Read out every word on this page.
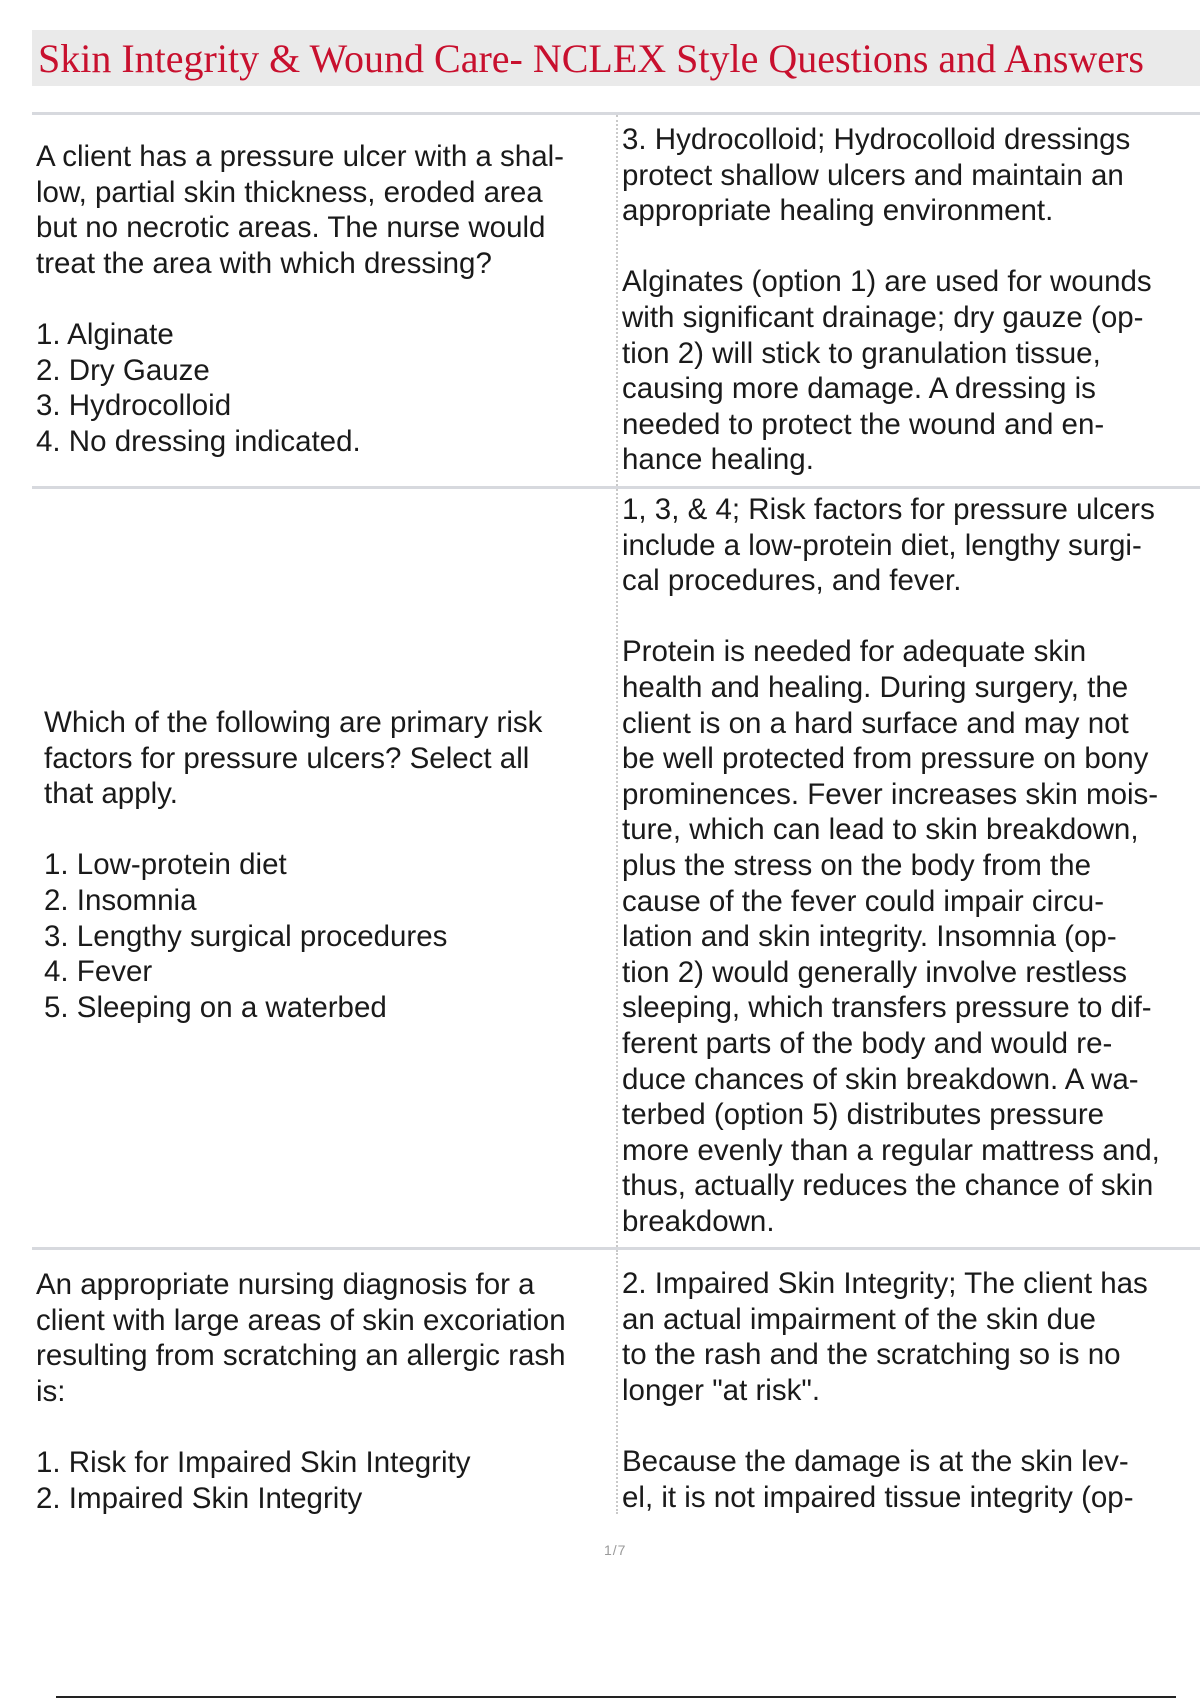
Skin Integrity & Wound Care- NCLEX Style Questions and Answers
A client has a pressure ulcer with a shal-
low, partial skin thickness, eroded area
but no necrotic areas. The nurse would
treat the area with which dressing?
1. Alginate
2. Dry Gauze
3. Hydrocolloid
4. No dressing indicated.
3. Hydrocolloid; Hydrocolloid dressings
protect shallow ulcers and maintain an
appropriate healing environment.
Alginates (option 1) are used for wounds
with significant drainage; dry gauze (op-
tion 2) will stick to granulation tissue,
causing more damage. A dressing is
needed to protect the wound and en-
hance healing.
Which of the following are primary risk
factors for pressure ulcers? Select all
that apply.
1. Low-protein diet
2. Insomnia
3. Lengthy surgical procedures
4. Fever
5. Sleeping on a waterbed
1, 3, & 4; Risk factors for pressure ulcers
include a low-protein diet, lengthy surgi-
cal procedures, and fever.
Protein is needed for adequate skin
health and healing. During surgery, the
client is on a hard surface and may not
be well protected from pressure on bony
prominences. Fever increases skin mois-
ture, which can lead to skin breakdown,
plus the stress on the body from the
cause of the fever could impair circu-
lation and skin integrity. Insomnia (op-
tion 2) would generally involve restless
sleeping, which transfers pressure to dif-
ferent parts of the body and would re-
duce chances of skin breakdown. A wa-
terbed (option 5) distributes pressure
more evenly than a regular mattress and,
thus, actually reduces the chance of skin
breakdown.
An appropriate nursing diagnosis for a
client with large areas of skin excoriation
resulting from scratching an allergic rash
is:
1. Risk for Impaired Skin Integrity
2. Impaired Skin Integrity
2. Impaired Skin Integrity; The client has
an actual impairment of the skin due
to the rash and the scratching so is no
longer "at risk".
Because the damage is at the skin lev-
el, it is not impaired tissue integrity (op-
1/7
